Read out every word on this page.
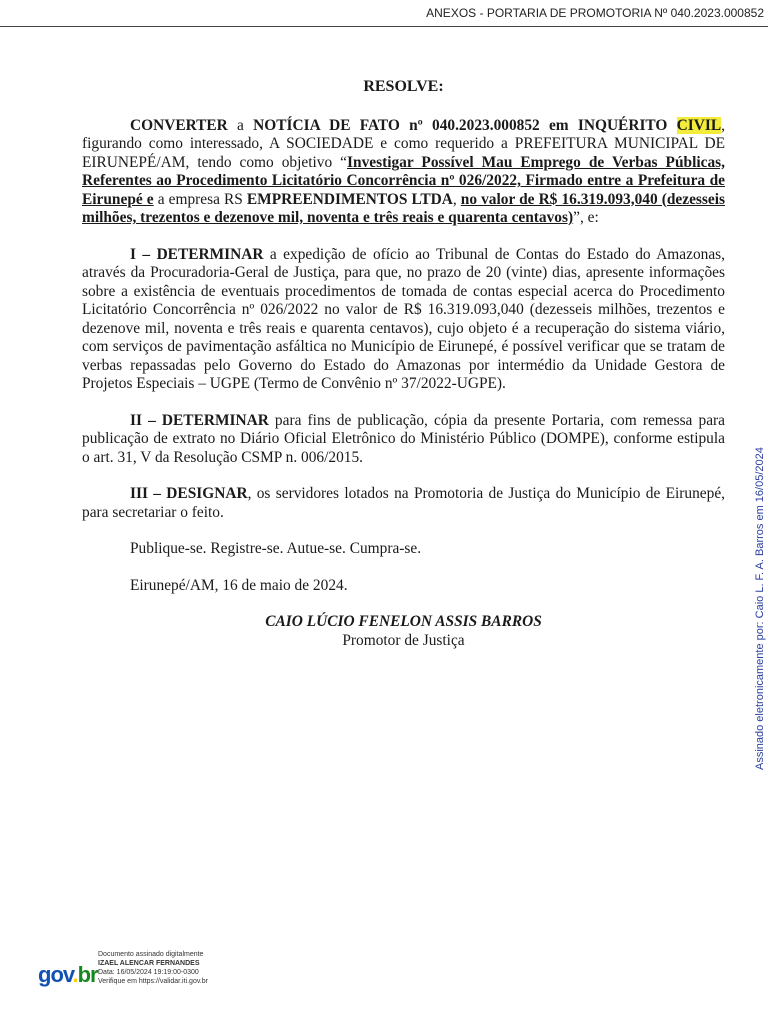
ANEXOS - PORTARIA DE PROMOTORIA Nº 040.2023.000852

RESOLVE:

CONVERTER a NOTÍCIA DE FATO nº 040.2023.000852 em INQUÉRITO CIVIL, figurando como interessado, A SOCIEDADE e como requerido a PREFEITURA MUNICIPAL DE EIRUNEPÉ/AM, tendo como objetivo “Investigar Possível Mau Emprego de Verbas Públicas, Referentes ao Procedimento Licitatório Concorrência nº 026/2022, Firmado entre a Prefeitura de Eirunepé e a empresa RS EMPREENDIMENTOS LTDA, no valor de R$ 16.319.093,040 (dezesseis milhões, trezentos e dezenove mil, noventa e três reais e quarenta centavos)”, e:

I – DETERMINAR a expedição de ofício ao Tribunal de Contas do Estado do Amazonas, através da Procuradoria-Geral de Justiça, para que, no prazo de 20 (vinte) dias, apresente informações sobre a existência de eventuais procedimentos de tomada de contas especial acerca do Procedimento Licitatório Concorrência nº 026/2022 no valor de R$ 16.319.093,040 (dezesseis milhões, trezentos e dezenove mil, noventa e três reais e quarenta centavos), cujo objeto é a recuperação do sistema viário, com serviços de pavimentação asfáltica no Município de Eirunepé, é possível verificar que se tratam de verbas repassadas pelo Governo do Estado do Amazonas por intermédio da Unidade Gestora de Projetos Especiais – UGPE (Termo de Convênio nº 37/2022-UGPE).

II – DETERMINAR para fins de publicação, cópia da presente Portaria, com remessa para publicação de extrato no Diário Oficial Eletrônico do Ministério Público (DOMPE), conforme estipula o art. 31, V da Resolução CSMP n. 006/2015.

III – DESIGNAR, os servidores lotados na Promotoria de Justiça do Município de Eirunepé, para secretariar o feito.

Publique-se. Registre-se. Autue-se. Cumpra-se.

Eirunepé/AM, 16 de maio de 2024.

CAIO LÚCIO FENELON ASSIS BARROS

Promotor de Justiça	Assinado eletronicamente por: Caio L. F. A. Barros em 16/05/2024
gov.br
Documento assinado digitalmente
IZAEL ALENCAR FERNANDES
Data: 16/05/2024 19:19:00-0300
Verifique em https://validar.iti.gov.br
